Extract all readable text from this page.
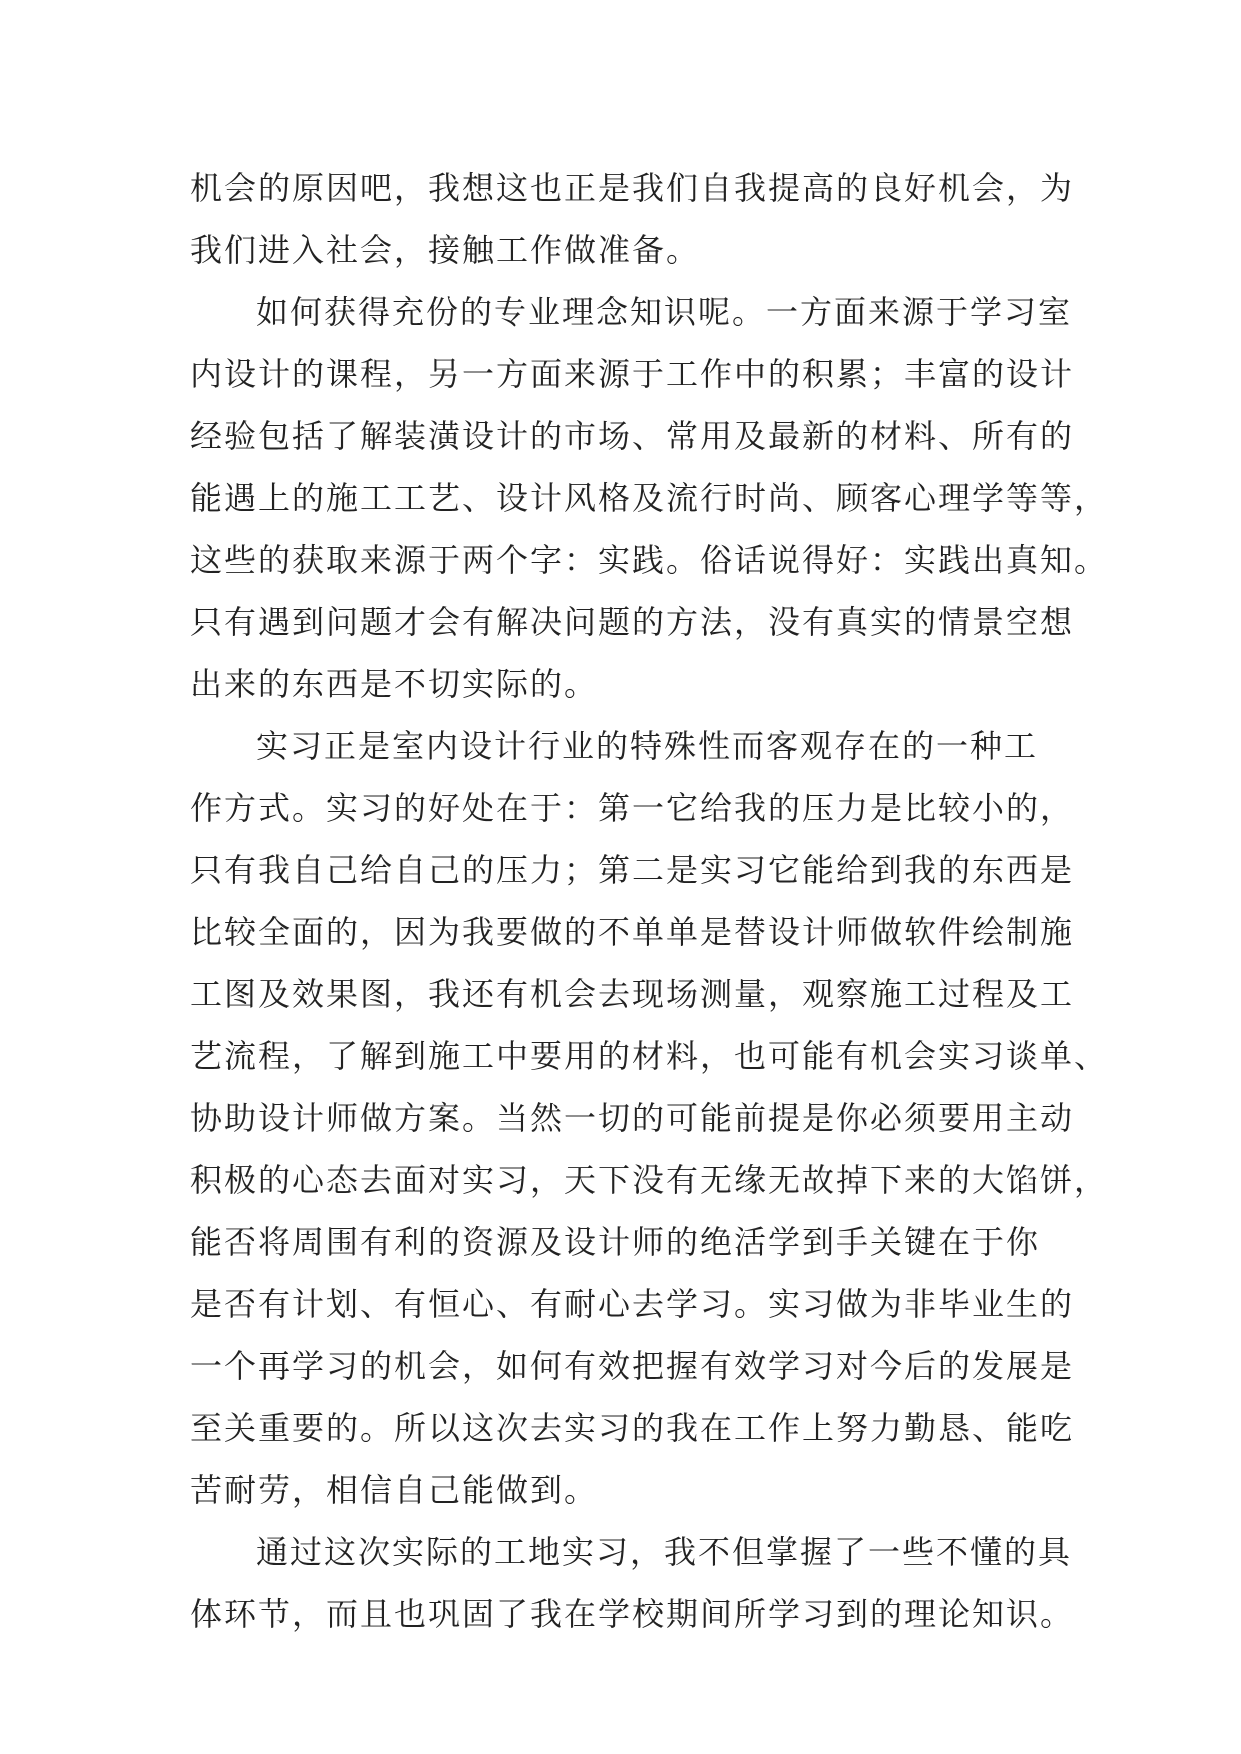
机会的原因吧，我想这也正是我们自我提高的良好机会，为
我们进入社会，接触工作做准备。
如何获得充份的专业理念知识呢。一方面来源于学习室
内设计的课程，另一方面来源于工作中的积累；丰富的设计
经验包括了解装潢设计的市场、常用及最新的材料、所有的
能遇上的施工工艺、设计风格及流行时尚、顾客心理学等等，
这些的获取来源于两个字：实践。俗话说得好：实践出真知。
只有遇到问题才会有解决问题的方法，没有真实的情景空想
出来的东西是不切实际的。
实习正是室内设计行业的特殊性而客观存在的一种工
作方式。实习的好处在于：第一它给我的压力是比较小的，
只有我自己给自己的压力；第二是实习它能给到我的东西是
比较全面的，因为我要做的不单单是替设计师做软件绘制施
工图及效果图，我还有机会去现场测量，观察施工过程及工
艺流程，了解到施工中要用的材料，也可能有机会实习谈单、
协助设计师做方案。当然一切的可能前提是你必须要用主动
积极的心态去面对实习，天下没有无缘无故掉下来的大馅饼，
能否将周围有利的资源及设计师的绝活学到手关键在于你
是否有计划、有恒心、有耐心去学习。实习做为非毕业生的
一个再学习的机会，如何有效把握有效学习对今后的发展是
至关重要的。所以这次去实习的我在工作上努力勤恳、能吃
苦耐劳，相信自己能做到。
通过这次实际的工地实习，我不但掌握了一些不懂的具
体环节，而且也巩固了我在学校期间所学习到的理论知识。
